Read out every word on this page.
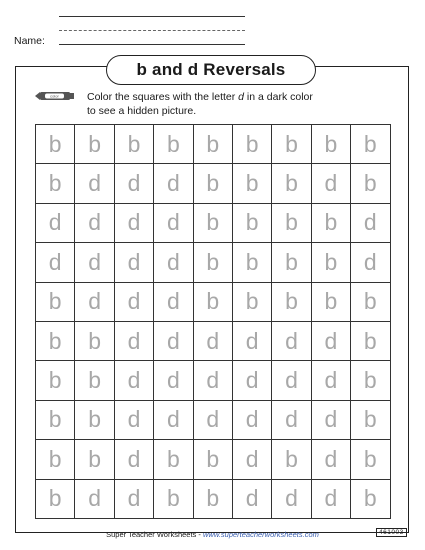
Name:
b and d Reversals
color	Color the squares with the letter d in a dark color
to see a hidden picture.
b	b	b	b	b	b	b	b	b
b	d	d	d	b	b	b	d	b
d	d	d	d	b	b	b	b	d
d	d	d	d	b	b	b	b	d
b	d	d	d	b	b	b	b	b
b	b	d	d	d	d	d	d	b
b	b	d	d	d	d	d	d	b
b	b	d	d	d	d	d	d	b
b	b	d	b	b	d	b	d	b
b	d	d	b	b	d	d	d	b
Super Teacher Worksheets - www.superteacherworksheets.com	461003
